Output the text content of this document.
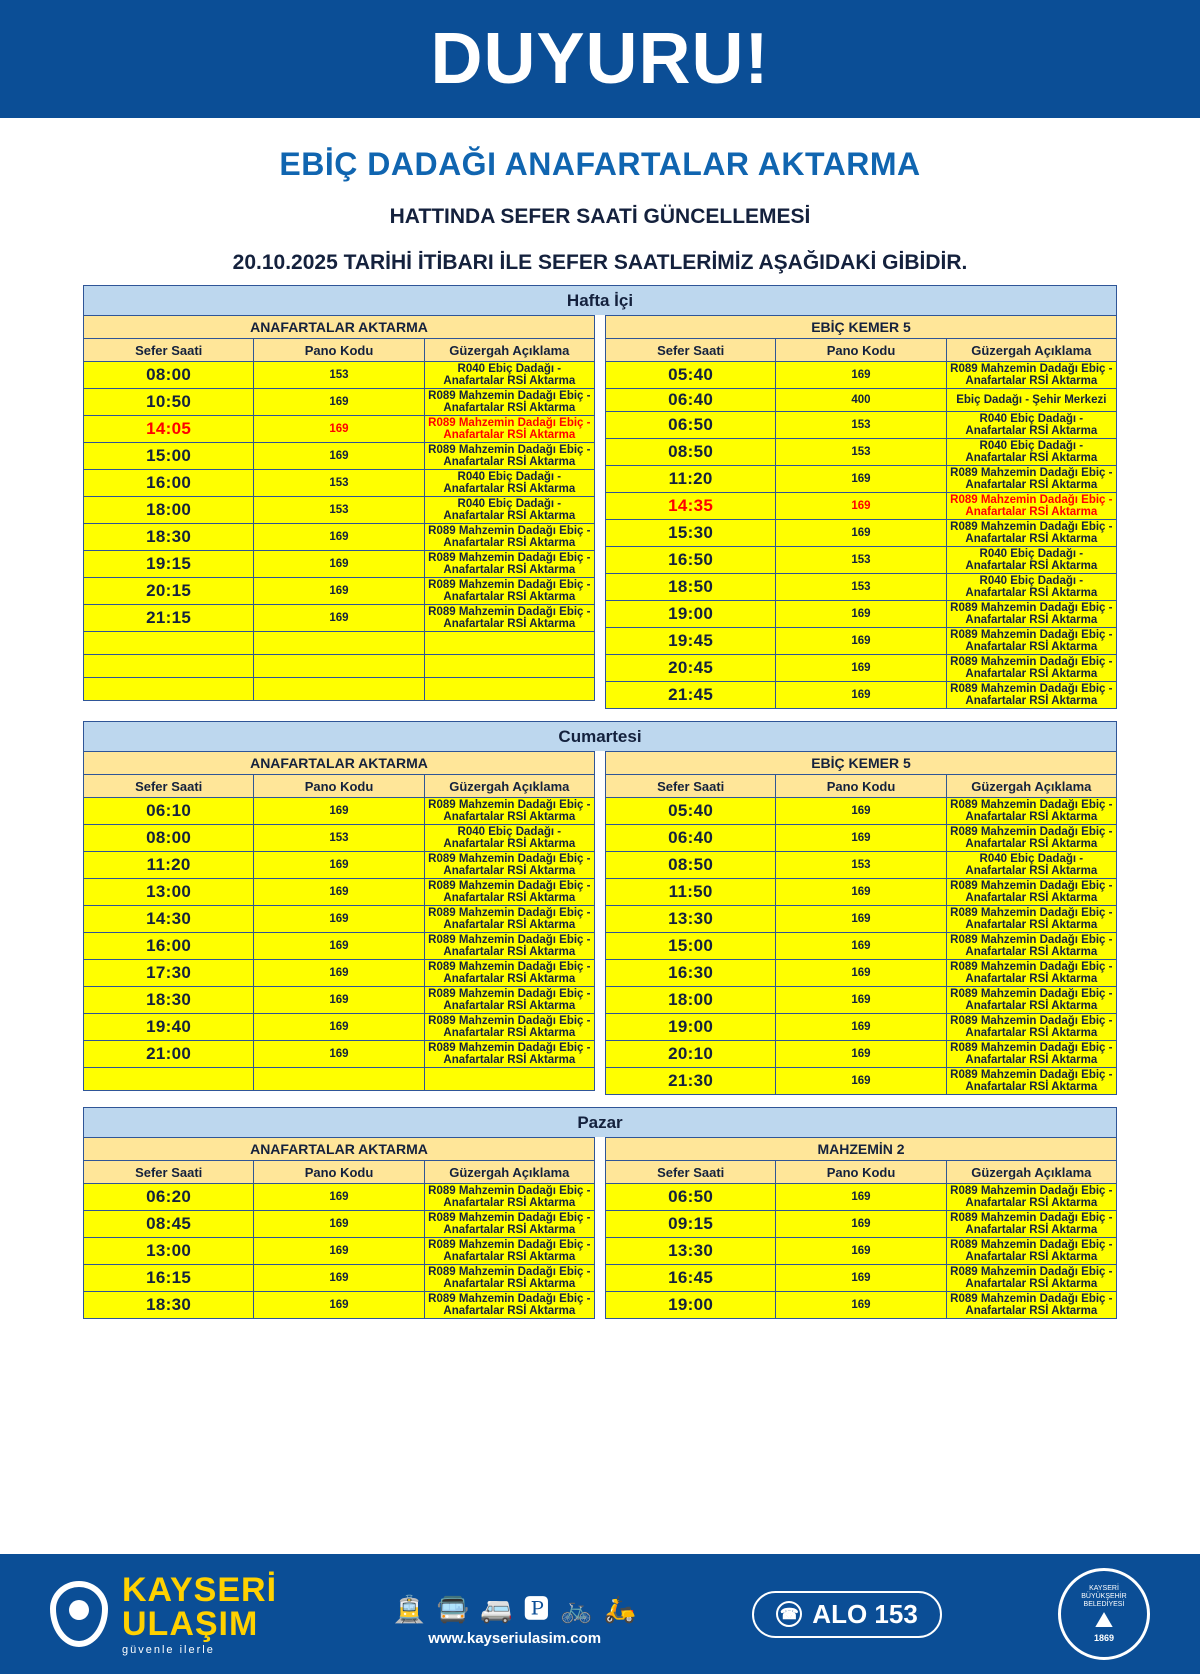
DUYURU!
EBİÇ DADAĞI ANAFARTALAR AKTARMA
HATTINDA SEFER SAATİ GÜNCELLEMESİ
20.10.2025 TARİHİ İTİBARI İLE SEFER SAATLERİMİZ AŞAĞIDAKİ GİBİDİR.
Hafta İçi
ANAFARTALAR AKTARMA		
Sefer Saati	Pano Kodu	Güzergah Açıklama
08:00	153	R040 Ebiç Dadağı - Anafartalar RSİ Aktarma
10:50	169	R089 Mahzemin Dadağı Ebiç - Anafartalar RSİ Aktarma
14:05	169	R089 Mahzemin Dadağı Ebiç - Anafartalar RSİ Aktarma
15:00	169	R089 Mahzemin Dadağı Ebiç - Anafartalar RSİ Aktarma
16:00	153	R040 Ebiç Dadağı - Anafartalar RSİ Aktarma
18:00	153	R040 Ebiç Dadağı - Anafartalar RSİ Aktarma
18:30	169	R089 Mahzemin Dadağı Ebiç - Anafartalar RSİ Aktarma
19:15	169	R089 Mahzemin Dadağı Ebiç - Anafartalar RSİ Aktarma
20:15	169	R089 Mahzemin Dadağı Ebiç - Anafartalar RSİ Aktarma
21:15	169	R089 Mahzemin Dadağı Ebiç - Anafartalar RSİ Aktarma

EBİÇ KEMER 5		
Sefer Saati	Pano Kodu	Güzergah Açıklama
05:40	169	R089 Mahzemin Dadağı Ebiç - Anafartalar RSİ Aktarma
06:40	400	Ebiç Dadağı - Şehir Merkezi
06:50	153	R040 Ebiç Dadağı - Anafartalar RSİ Aktarma
08:50	153	R040 Ebiç Dadağı - Anafartalar RSİ Aktarma
11:20	169	R089 Mahzemin Dadağı Ebiç - Anafartalar RSİ Aktarma
14:35	169	R089 Mahzemin Dadağı Ebiç - Anafartalar RSİ Aktarma
15:30	169	R089 Mahzemin Dadağı Ebiç - Anafartalar RSİ Aktarma
16:50	153	R040 Ebiç Dadağı - Anafartalar RSİ Aktarma
18:50	153	R040 Ebiç Dadağı - Anafartalar RSİ Aktarma
19:00	169	R089 Mahzemin Dadağı Ebiç - Anafartalar RSİ Aktarma
19:45	169	R089 Mahzemin Dadağı Ebiç - Anafartalar RSİ Aktarma
20:45	169	R089 Mahzemin Dadağı Ebiç - Anafartalar RSİ Aktarma
21:45	169	R089 Mahzemin Dadağı Ebiç - Anafartalar RSİ Aktarma
Cumartesi
ANAFARTALAR AKTARMA		
Sefer Saati	Pano Kodu	Güzergah Açıklama
06:10	169	R089 Mahzemin Dadağı Ebiç - Anafartalar RSİ Aktarma
08:00	153	R040 Ebiç Dadağı - Anafartalar RSİ Aktarma
11:20	169	R089 Mahzemin Dadağı Ebiç - Anafartalar RSİ Aktarma
13:00	169	R089 Mahzemin Dadağı Ebiç - Anafartalar RSİ Aktarma
14:30	169	R089 Mahzemin Dadağı Ebiç - Anafartalar RSİ Aktarma
16:00	169	R089 Mahzemin Dadağı Ebiç - Anafartalar RSİ Aktarma
17:30	169	R089 Mahzemin Dadağı Ebiç - Anafartalar RSİ Aktarma
18:30	169	R089 Mahzemin Dadağı Ebiç - Anafartalar RSİ Aktarma
19:40	169	R089 Mahzemin Dadağı Ebiç - Anafartalar RSİ Aktarma
21:00	169	R089 Mahzemin Dadağı Ebiç - Anafartalar RSİ Aktarma

EBİÇ KEMER 5		
Sefer Saati	Pano Kodu	Güzergah Açıklama
05:40	169	R089 Mahzemin Dadağı Ebiç - Anafartalar RSİ Aktarma
06:40	169	R089 Mahzemin Dadağı Ebiç - Anafartalar RSİ Aktarma
08:50	153	R040 Ebiç Dadağı - Anafartalar RSİ Aktarma
11:50	169	R089 Mahzemin Dadağı Ebiç - Anafartalar RSİ Aktarma
13:30	169	R089 Mahzemin Dadağı Ebiç - Anafartalar RSİ Aktarma
15:00	169	R089 Mahzemin Dadağı Ebiç - Anafartalar RSİ Aktarma
16:30	169	R089 Mahzemin Dadağı Ebiç - Anafartalar RSİ Aktarma
18:00	169	R089 Mahzemin Dadağı Ebiç - Anafartalar RSİ Aktarma
19:00	169	R089 Mahzemin Dadağı Ebiç - Anafartalar RSİ Aktarma
20:10	169	R089 Mahzemin Dadağı Ebiç - Anafartalar RSİ Aktarma
21:30	169	R089 Mahzemin Dadağı Ebiç - Anafartalar RSİ Aktarma
Pazar
ANAFARTALAR AKTARMA		
Sefer Saati	Pano Kodu	Güzergah Açıklama
06:20	169	R089 Mahzemin Dadağı Ebiç - Anafartalar RSİ Aktarma
08:45	169	R089 Mahzemin Dadağı Ebiç - Anafartalar RSİ Aktarma
13:00	169	R089 Mahzemin Dadağı Ebiç - Anafartalar RSİ Aktarma
16:15	169	R089 Mahzemin Dadağı Ebiç - Anafartalar RSİ Aktarma
18:30	169	R089 Mahzemin Dadağı Ebiç - Anafartalar RSİ Aktarma
MAHZEMİN 2		
Sefer Saati	Pano Kodu	Güzergah Açıklama
06:50	169	R089 Mahzemin Dadağı Ebiç - Anafartalar RSİ Aktarma
09:15	169	R089 Mahzemin Dadağı Ebiç - Anafartalar RSİ Aktarma
13:30	169	R089 Mahzemin Dadağı Ebiç - Anafartalar RSİ Aktarma
16:45	169	R089 Mahzemin Dadağı Ebiç - Anafartalar RSİ Aktarma
19:00	169	R089 Mahzemin Dadağı Ebiç - Anafartalar RSİ Aktarma
KAYSERİ
ULAŞIM
güvenle ilerle
🚊 🚍 🚐 🅿 🚲 🛵
www.kayseriulasim.com
☎ ALO 153
KAYSERİ BÜYÜKŞEHİR BELEDİYESİ
⛰
1869
